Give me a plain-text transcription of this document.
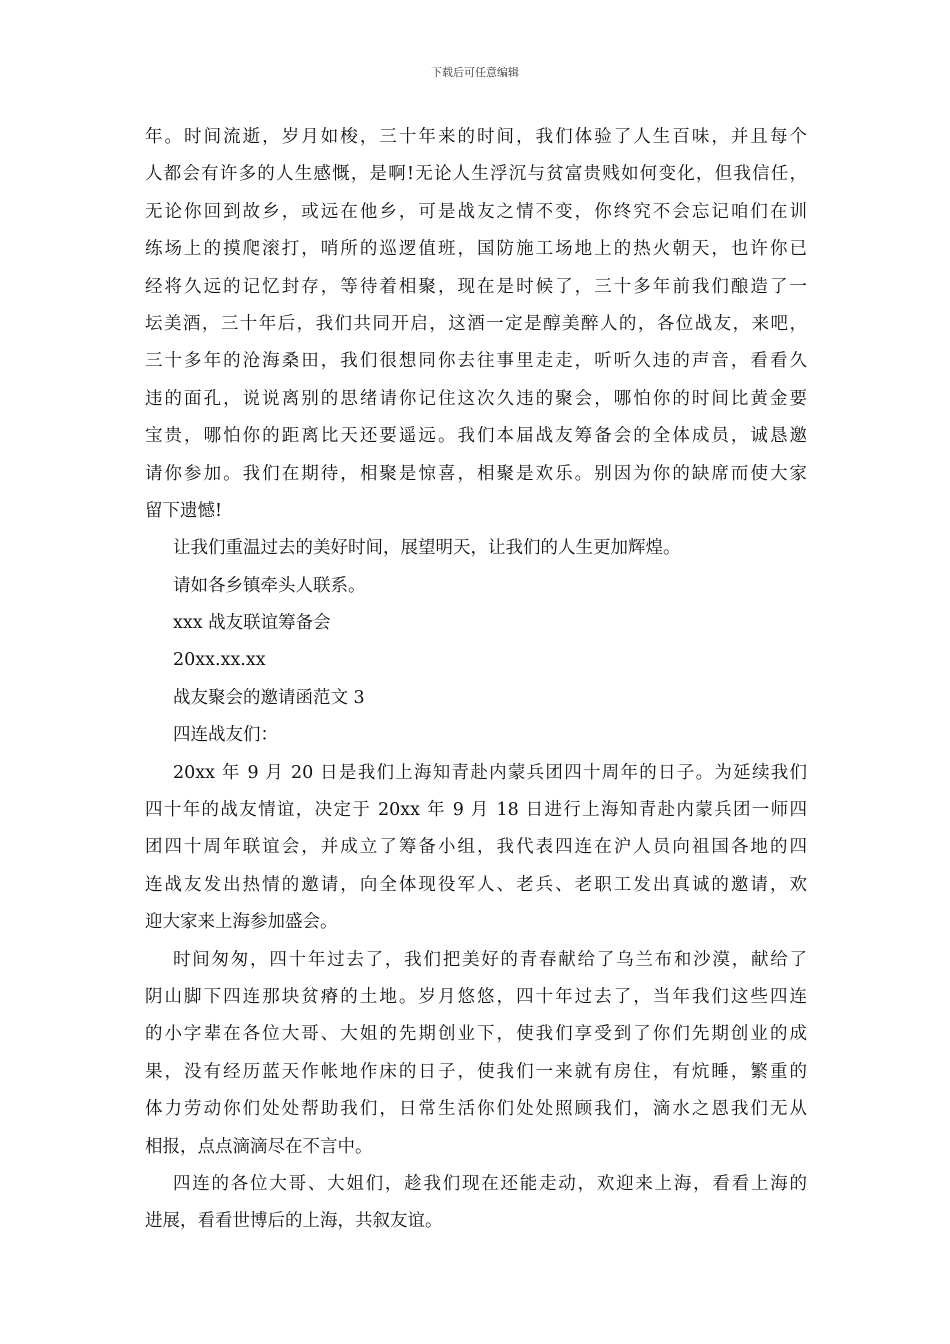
下载后可任意编辑
年。时间流逝，岁月如梭，三十年来的时间，我们体验了人生百味，并且每个
人都会有许多的人生感慨，是啊!无论人生浮沉与贫富贵贱如何变化，但我信任，
无论你回到故乡，或远在他乡，可是战友之情不变，你终究不会忘记咱们在训
练场上的摸爬滚打，哨所的巡逻值班，国防施工场地上的热火朝天，也许你已
经将久远的记忆封存，等待着相聚，现在是时候了，三十多年前我们酿造了一
坛美酒，三十年后，我们共同开启，这酒一定是醇美醉人的，各位战友，来吧，
三十多年的沧海桑田，我们很想同你去往事里走走，听听久违的声音，看看久
违的面孔，说说离别的思绪请你记住这次久违的聚会，哪怕你的时间比黄金要
宝贵，哪怕你的距离比天还要遥远。我们本届战友筹备会的全体成员，诚恳邀
请你参加。我们在期待，相聚是惊喜，相聚是欢乐。别因为你的缺席而使大家
留下遗憾!
让我们重温过去的美好时间，展望明天，让我们的人生更加辉煌。
请如各乡镇牵头人联系。
xxx 战友联谊筹备会
20xx.xx.xx
战友聚会的邀请函范文 3
四连战友们：
20xx 年 9 月 20 日是我们上海知青赴内蒙兵团四十周年的日子。为延续我们
四十年的战友情谊，决定于 20xx 年 9 月 18 日进行上海知青赴内蒙兵团一师四
团四十周年联谊会，并成立了筹备小组，我代表四连在沪人员向祖国各地的四
连战友发出热情的邀请，向全体现役军人、老兵、老职工发出真诚的邀请，欢
迎大家来上海参加盛会。
时间匆匆，四十年过去了，我们把美好的青春献给了乌兰布和沙漠，献给了
阴山脚下四连那块贫瘠的土地。岁月悠悠，四十年过去了，当年我们这些四连
的小字辈在各位大哥、大姐的先期创业下，使我们享受到了你们先期创业的成
果，没有经历蓝天作帐地作床的日子，使我们一来就有房住，有炕睡，繁重的
体力劳动你们处处帮助我们，日常生活你们处处照顾我们，滴水之恩我们无从
相报，点点滴滴尽在不言中。
四连的各位大哥、大姐们，趁我们现在还能走动，欢迎来上海，看看上海的
进展，看看世博后的上海，共叙友谊。
